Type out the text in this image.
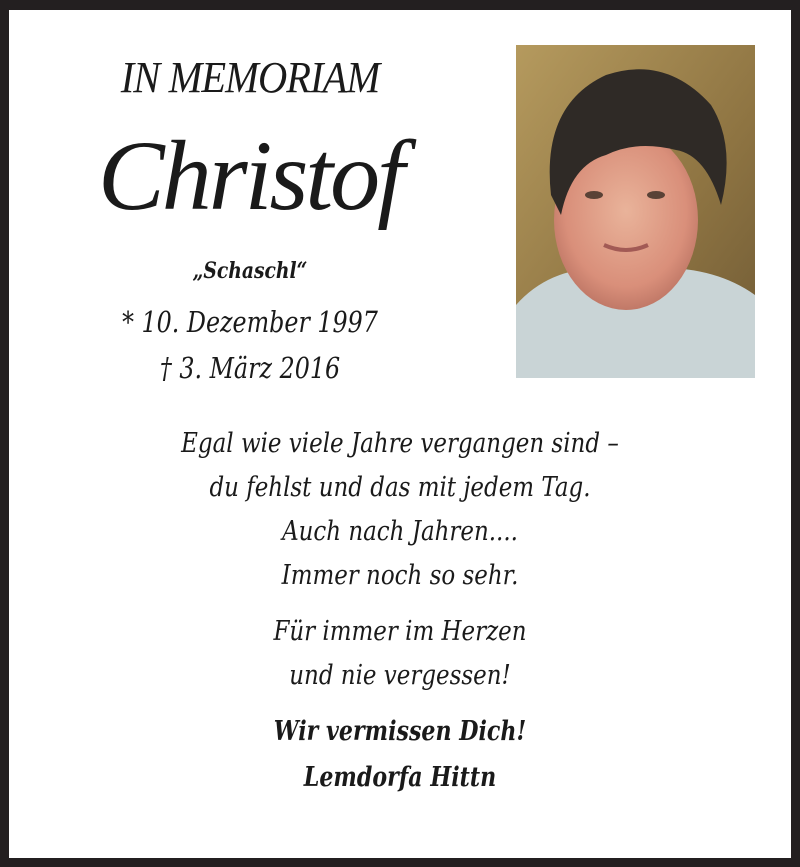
IN MEMORIAM
Christof
„Schaschl“
* 10. Dezember 1997
† 3. März 2016
Egal wie viele Jahre vergangen sind –
du fehlst und das mit jedem Tag.
Auch nach Jahren....
Immer noch so sehr.
Für immer im Herzen
und nie vergessen!
Wir vermissen Dich!
Lemdorfa Hittn
